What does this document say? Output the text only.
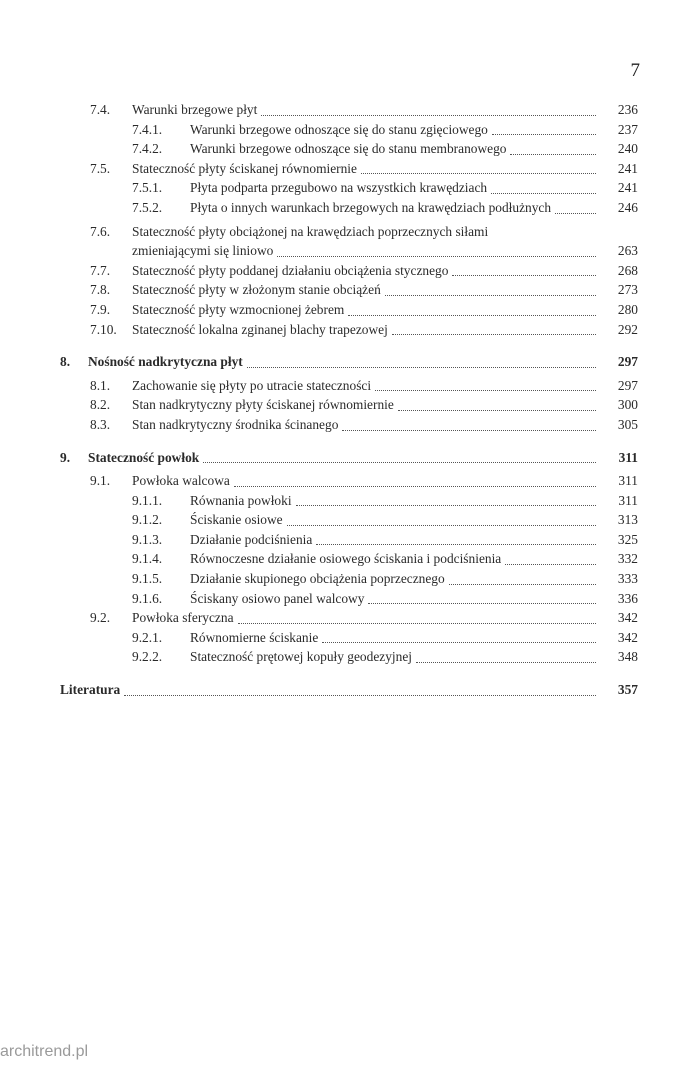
7
7.4.	Warunki brzegowe płyt	236
7.4.1.	Warunki brzegowe odnoszące się do stanu zgięciowego	237
7.4.2.	Warunki brzegowe odnoszące się do stanu membranowego	240
7.5.	Stateczność płyty ściskanej równomiernie	241
7.5.1.	Płyta podparta przegubowo na wszystkich krawędziach	241
7.5.2.	Płyta o innych warunkach brzegowych na krawędziach podłużnych	246
7.6.	Stateczność płyty obciążonej na krawędziach poprzecznych siłami
zmieniającymi się liniowo	263
7.7.	Stateczność płyty poddanej działaniu obciążenia stycznego	268
7.8.	Stateczność płyty w złożonym stanie obciążeń	273
7.9.	Stateczność płyty wzmocnionej żebrem	280
7.10.	Stateczność lokalna zginanej blachy trapezowej	292
8.	Nośność nadkrytyczna płyt	297
8.1.	Zachowanie się płyty po utracie stateczności	297
8.2.	Stan nadkrytyczny płyty ściskanej równomiernie	300
8.3.	Stan nadkrytyczny środnika ścinanego	305
9.	Stateczność powłok	311
9.1.	Powłoka walcowa	311
9.1.1.	Równania powłoki	311
9.1.2.	Ściskanie osiowe	313
9.1.3.	Działanie podciśnienia	325
9.1.4.	Równoczesne działanie osiowego ściskania i podciśnienia	332
9.1.5.	Działanie skupionego obciążenia poprzecznego	333
9.1.6.	Ściskany osiowo panel walcowy	336
9.2.	Powłoka sferyczna	342
9.2.1.	Równomierne ściskanie	342
9.2.2.	Stateczność prętowej kopuły geodezyjnej	348
Literatura	357
architrend.pl
